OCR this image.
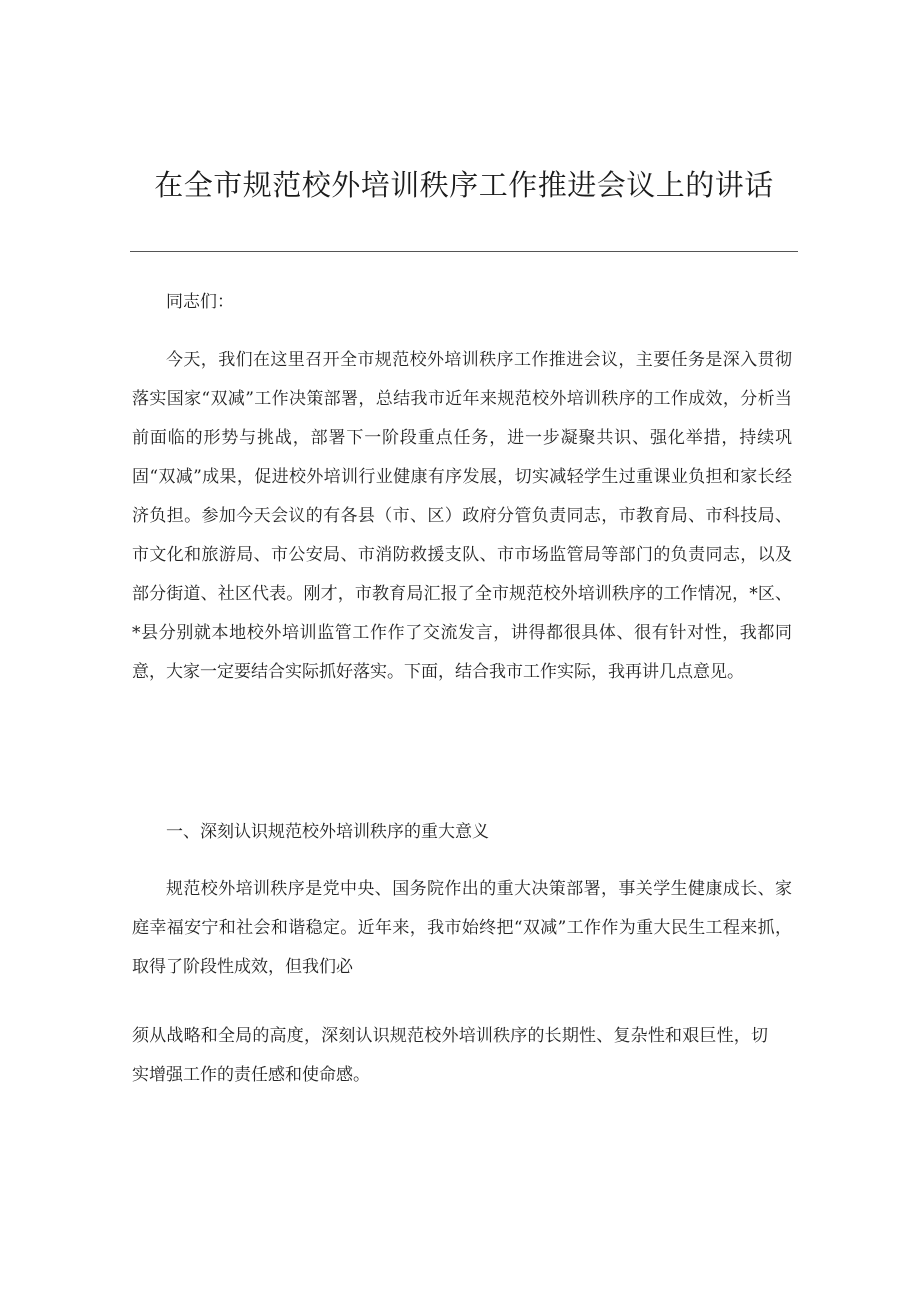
在全市规范校外培训秩序工作推进会议上的讲话

同志们：

今天，我们在这里召开全市规范校外培训秩序工作推进会议，主要任务是深入贯彻落实国家“双减”工作决策部署，总结我市近年来规范校外培训秩序的工作成效，分析当前面临的形势与挑战，部署下一阶段重点任务，进一步凝聚共识、强化举措，持续巩固“双减”成果，促进校外培训行业健康有序发展，切实减轻学生过重课业负担和家长经济负担。参加今天会议的有各县（市、区）政府分管负责同志，市教育局、市科技局、市文化和旅游局、市公安局、市消防救援支队、市市场监管局等部门的负责同志，以及部分街道、社区代表。刚才，市教育局汇报了全市规范校外培训秩序的工作情况，*区、*县分别就本地校外培训监管工作作了交流发言，讲得都很具体、很有针对性，我都同意，大家一定要结合实际抓好落实。下面，结合我市工作实际，我再讲几点意见。

一、深刻认识规范校外培训秩序的重大意义

规范校外培训秩序是党中央、国务院作出的重大决策部署，事关学生健康成长、家庭幸福安宁和社会和谐稳定。近年来，我市始终把“双减”工作作为重大民生工程来抓，取得了阶段性成效，但我们必

须从战略和全局的高度，深刻认识规范校外培训秩序的长期性、复杂性和艰巨性，切实增强工作的责任感和使命感。
